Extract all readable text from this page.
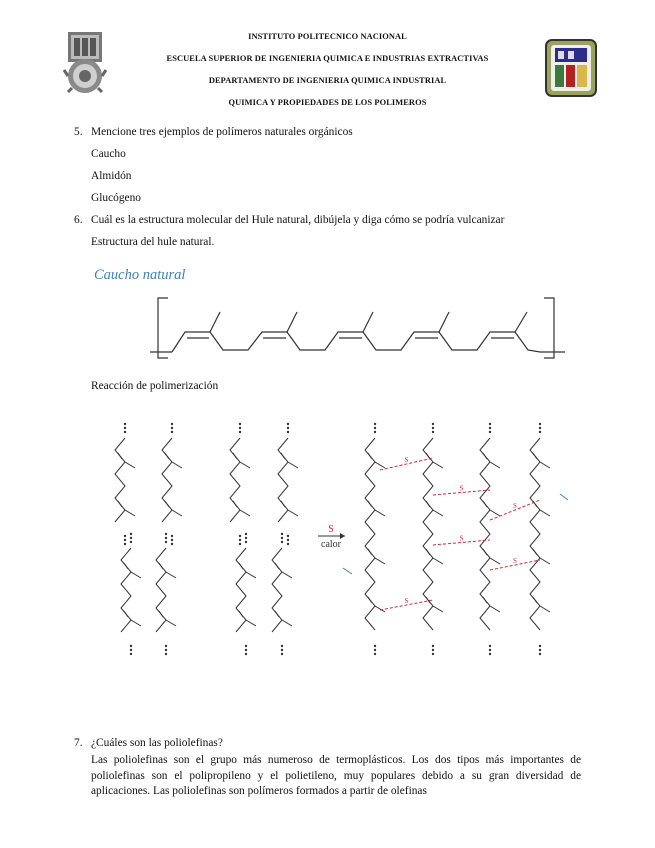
INSTITUTO POLITECNICO NACIONAL
ESCUELA SUPERIOR DE INGENIERIA QUIMICA E INDUSTRIAS EXTRACTIVAS
DEPARTAMENTO DE INGENIERIA QUIMICA INDUSTRIAL
QUIMICA Y PROPIEDADES DE LOS POLIMEROS
5. Mencione tres ejemplos de polímeros naturales orgánicos
Caucho
Almidón
Glucógeno
6. Cuál es la estructura molecular del Hule natural, dibújela y diga cómo se podría vulcanizar
Estructura del hule natural.
Caucho natural
Reacción de polimerización
S
calor
S
S
S
S
S
S
7. ¿Cuáles son las poliolefinas?
Las poliolefinas son el grupo más numeroso de termoplásticos. Los dos tipos más importantes de poliolefinas son el polipropileno y el polietileno, muy populares debido a su gran diversidad de aplicaciones. Las poliolefinas son polímeros formados a partir de olefinas
